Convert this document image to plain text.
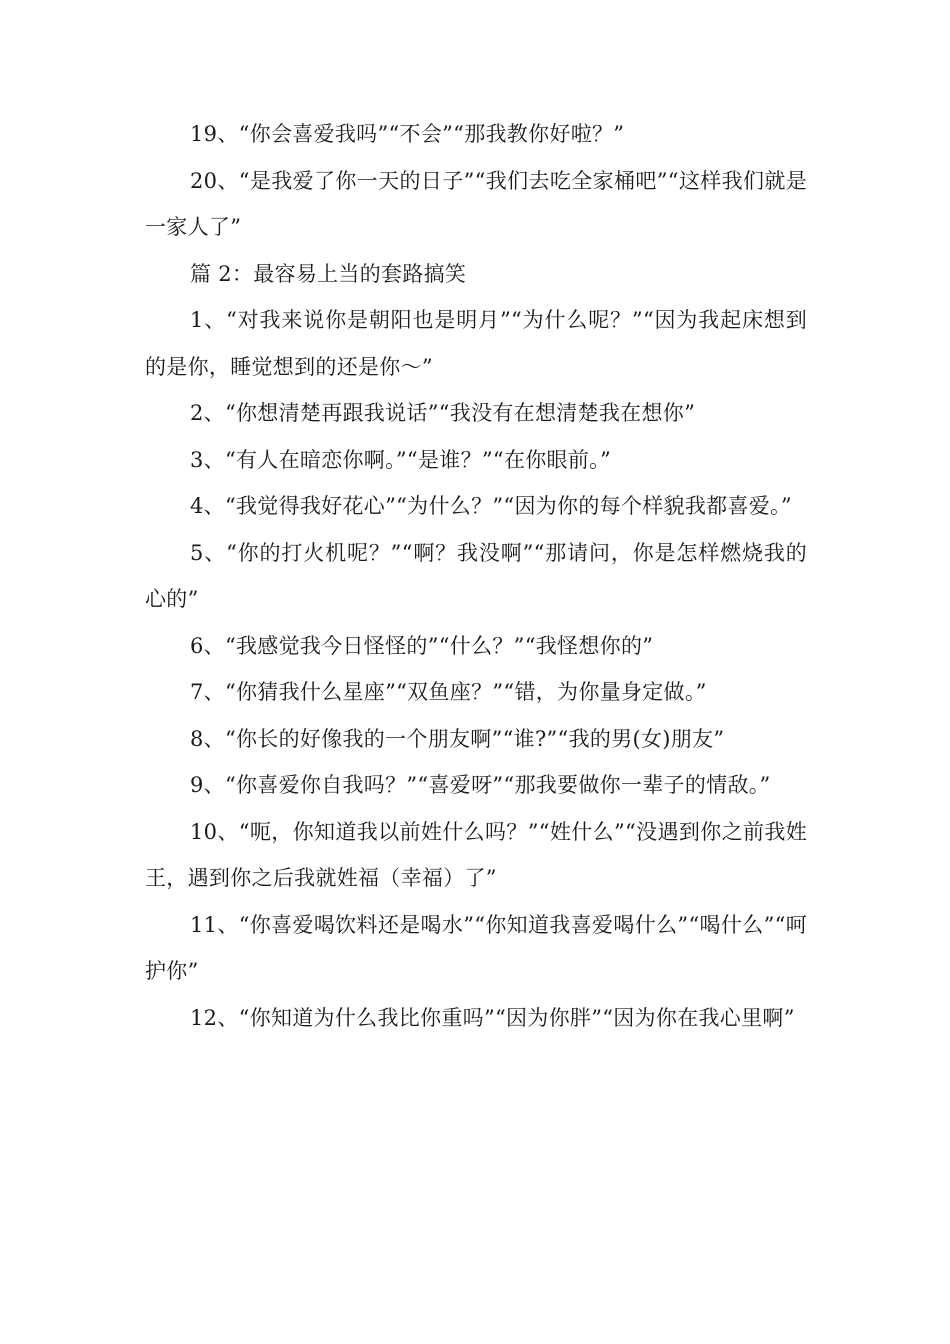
19、“你会喜爱我吗”“不会”“那我教你好啦？”

20、“是我爱了你一天的日子”“我们去吃全家桶吧”“这样我们就是一家人了”

篇 2：最容易上当的套路搞笑

1、“对我来说你是朝阳也是明月”“为什么呢？”“因为我起床想到的是你，睡觉想到的还是你～”

2、“你想清楚再跟我说话”“我没有在想清楚我在想你”

3、“有人在暗恋你啊。”“是谁？”“在你眼前。”

4、“我觉得我好花心”“为什么？”“因为你的每个样貌我都喜爱。”

5、“你的打火机呢？”“啊？我没啊”“那请问，你是怎样燃烧我的心的”

6、“我感觉我今日怪怪的”“什么？”“我怪想你的”

7、“你猜我什么星座”“双鱼座？”“错，为你量身定做。”

8、“你长的好像我的一个朋友啊”“谁?”“我的男(女)朋友”

9、“你喜爱你自我吗？”“喜爱呀”“那我要做你一辈子的情敌。”

10、“呃，你知道我以前姓什么吗？”“姓什么”“没遇到你之前我姓王，遇到你之后我就姓福（幸福）了”

11、“你喜爱喝饮料还是喝水”“你知道我喜爱喝什么”“喝什么”“呵护你”

12、“你知道为什么我比你重吗”“因为你胖”“因为你在我心里啊”
